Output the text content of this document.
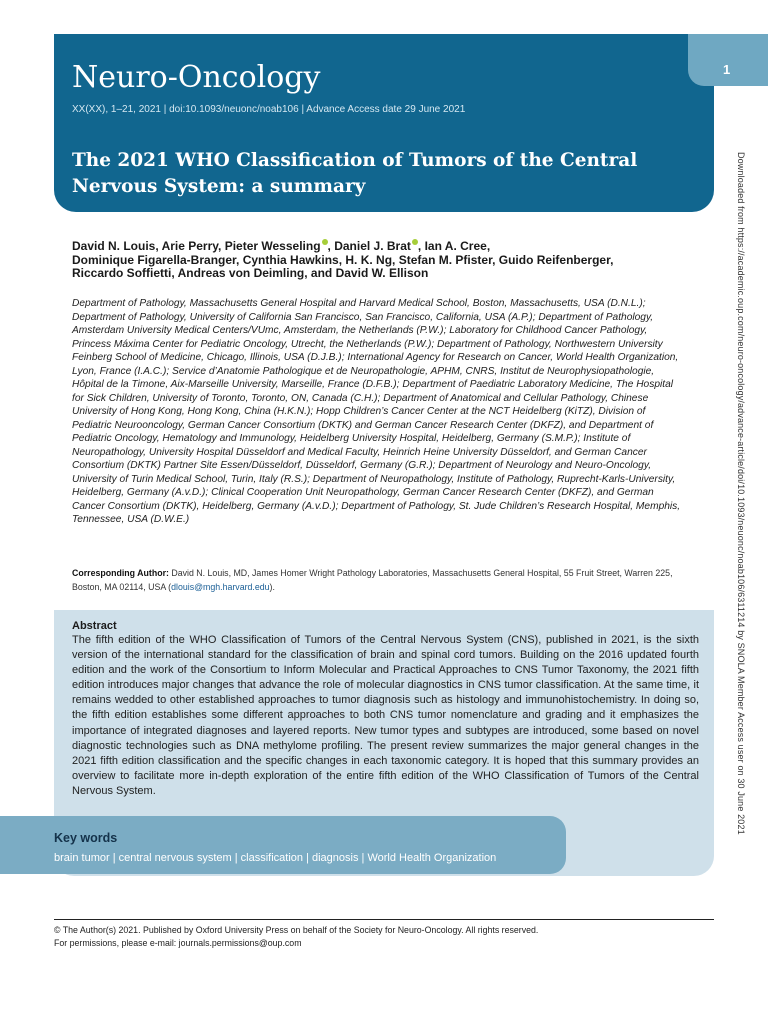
Neuro-Oncology
XX(XX), 1–21, 2021 | doi:10.1093/neuonc/noab106 | Advance Access date 29 June 2021
The 2021 WHO Classification of Tumors of the Central Nervous System: a summary
1
Downloaded from https://academic.oup.com/neuro-oncology/advance-article/doi/10.1093/neuonc/noab106/6311214 by SNOLA Member Access user on 30 June 2021
David N. Louis, Arie Perry, Pieter Wesseling , Daniel J. Brat , Ian A. Cree,
Dominique Figarella-Branger, Cynthia Hawkins, H. K. Ng, Stefan M. Pfister, Guido Reifenberger,
Riccardo Soffietti, Andreas von Deimling, and David W. Ellison
Department of Pathology, Massachusetts General Hospital and Harvard Medical School, Boston, Massachusetts, USA (D.N.L.); Department of Pathology, University of California San Francisco, San Francisco, California, USA (A.P.); Department of Pathology, Amsterdam University Medical Centers/VUmc, Amsterdam, the Netherlands (P.W.); Laboratory for Childhood Cancer Pathology, Princess Máxima Center for Pediatric Oncology, Utrecht, the Netherlands (P.W.); Department of Pathology, Northwestern University Feinberg School of Medicine, Chicago, Illinois, USA (D.J.B.); International Agency for Research on Cancer, World Health Organization, Lyon, France (I.A.C.); Service d’Anatomie Pathologique et de Neuropathologie, APHM, CNRS, Institut de Neurophysiopathologie, Hôpital de la Timone, Aix-Marseille University, Marseille, France (D.F.B.); Department of Paediatric Laboratory Medicine, The Hospital for Sick Children, University of Toronto, Toronto, ON, Canada (C.H.); Department of Anatomical and Cellular Pathology, Chinese University of Hong Kong, Hong Kong, China (H.K.N.); Hopp Children’s Cancer Center at the NCT Heidelberg (KiTZ), Division of Pediatric Neurooncology, German Cancer Consortium (DKTK) and German Cancer Research Center (DKFZ), and Department of Pediatric Oncology, Hematology and Immunology, Heidelberg University Hospital, Heidelberg, Germany (S.M.P.); Institute of Neuropathology, University Hospital Düsseldorf and Medical Faculty, Heinrich Heine University Düsseldorf, and German Cancer Consortium (DKTK) Partner Site Essen/Düsseldorf, Düsseldorf, Germany (G.R.); Department of Neurology and Neuro-Oncology, University of Turin Medical School, Turin, Italy (R.S.); Department of Neuropathology, Institute of Pathology, Ruprecht-Karls-University, Heidelberg, Germany (A.v.D.); Clinical Cooperation Unit Neuropathology, German Cancer Research Center (DKFZ), and German Cancer Consortium (DKTK), Heidelberg, Germany (A.v.D.); Department of Pathology, St. Jude Children’s Research Hospital, Memphis, Tennessee, USA (D.W.E.)
Corresponding Author: David N. Louis, MD, James Homer Wright Pathology Laboratories, Massachusetts General Hospital, 55 Fruit Street, Warren 225, Boston, MA 02114, USA (dlouis@mgh.harvard.edu).
Abstract
The fifth edition of the WHO Classification of Tumors of the Central Nervous System (CNS), published in 2021, is the sixth version of the international standard for the classification of brain and spinal cord tumors. Building on the 2016 updated fourth edition and the work of the Consortium to Inform Molecular and Practical Approaches to CNS Tumor Taxonomy, the 2021 fifth edition introduces major changes that advance the role of molecular diagnostics in CNS tumor classification. At the same time, it remains wedded to other established approaches to tumor diagnosis such as histology and immunohistochemistry. In doing so, the fifth edition establishes some different approaches to both CNS tumor nomenclature and grading and it emphasizes the importance of integrated diagnoses and layered reports. New tumor types and subtypes are introduced, some based on novel diagnostic technologies such as DNA methylome profiling. The present review summarizes the major general changes in the 2021 fifth edition classification and the specific changes in each taxonomic category. It is hoped that this summary provides an overview to facilitate more in-depth exploration of the entire fifth edition of the WHO Classification of Tumors of the Central Nervous System.
Key words
brain tumor | central nervous system | classification | diagnosis | World Health Organization
© The Author(s) 2021. Published by Oxford University Press on behalf of the Society for Neuro-Oncology. All rights reserved.
For permissions, please e-mail: journals.permissions@oup.com
